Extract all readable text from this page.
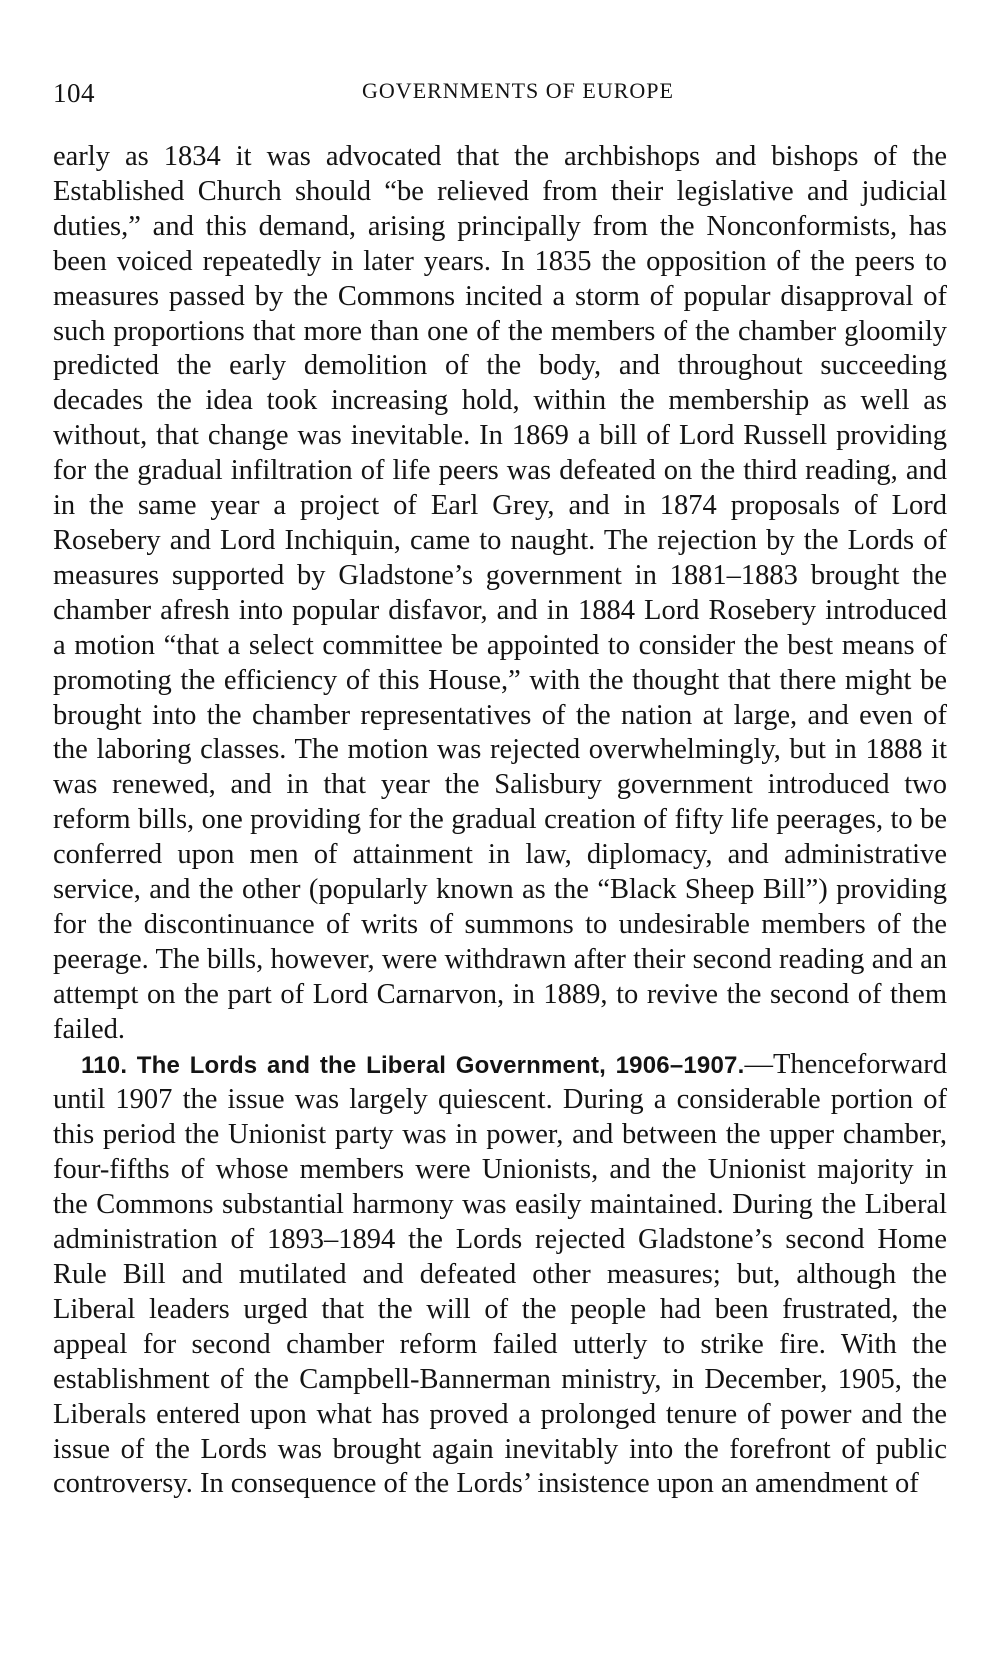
104	GOVERNMENTS OF EUROPE

early as 1834 it was advocated that the archbishops and bishops of the Established Church should “be relieved from their legislative and judicial duties,” and this demand, arising principally from the Nonconformists, has been voiced repeatedly in later years. In 1835 the opposition of the peers to measures passed by the Commons incited a storm of popular disapproval of such proportions that more than one of the members of the chamber gloomily predicted the early demolition of the body, and throughout succeeding decades the idea took increasing hold, within the membership as well as without, that change was inevitable. In 1869 a bill of Lord Russell providing for the gradual infiltration of life peers was defeated on the third reading, and in the same year a project of Earl Grey, and in 1874 proposals of Lord Rosebery and Lord Inchiquin, came to naught. The rejection by the Lords of measures supported by Gladstone’s government in 1881–1883 brought the chamber afresh into popular disfavor, and in 1884 Lord Rosebery introduced a motion “that a select committee be appointed to consider the best means of promoting the efficiency of this House,” with the thought that there might be brought into the chamber representatives of the nation at large, and even of the laboring classes. The motion was rejected overwhelmingly, but in 1888 it was renewed, and in that year the Salisbury government introduced two reform bills, one providing for the gradual creation of fifty life peerages, to be conferred upon men of attainment in law, diplomacy, and administrative service, and the other (popularly known as the “Black Sheep Bill”) providing for the discontinuance of writs of summons to undesirable members of the peerage. The bills, however, were withdrawn after their second reading and an attempt on the part of Lord Carnarvon, in 1889, to revive the second of them failed.

110. The Lords and the Liberal Government, 1906–1907.—Thenceforward until 1907 the issue was largely quiescent. During a considerable portion of this period the Unionist party was in power, and between the upper chamber, four-fifths of whose members were Unionists, and the Unionist majority in the Commons substantial harmony was easily maintained. During the Liberal administration of 1893–1894 the Lords rejected Gladstone’s second Home Rule Bill and mutilated and defeated other measures; but, although the Liberal leaders urged that the will of the people had been frustrated, the appeal for second chamber reform failed utterly to strike fire. With the establishment of the Campbell-Bannerman ministry, in December, 1905, the Liberals entered upon what has proved a prolonged tenure of power and the issue of the Lords was brought again inevitably into the forefront of public controversy. In consequence of the Lords’ insistence upon an amendment of
